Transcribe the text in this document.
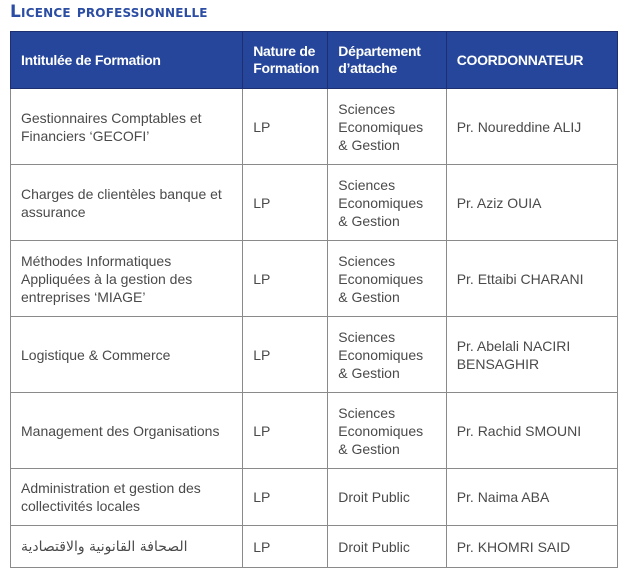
Licence professionnelle
Intitulée de Formation	Nature de Formation	Département d’attache	COORDONNATEUR
Gestionnaires Comptables et Financiers ‘GECOFI’	LP	Sciences Economiques & Gestion	Pr. Noureddine ALIJ
Charges de clientèles banque et assurance	LP	Sciences Economiques & Gestion	Pr. Aziz OUIA
Méthodes Informatiques Appliquées à la gestion des entreprises ‘MIAGE’	LP	Sciences Economiques & Gestion	Pr. Ettaibi CHARANI
Logistique & Commerce	LP	Sciences Economiques & Gestion	Pr. Abelali NACIRI BENSAGHIR
Management des Organisations	LP	Sciences Economiques & Gestion	Pr. Rachid SMOUNI
Administration et gestion des collectivités locales	LP	Droit Public	Pr. Naima ABA
الصحافة القانونية والاقتصادية	LP	Droit Public	Pr. KHOMRI SAID
